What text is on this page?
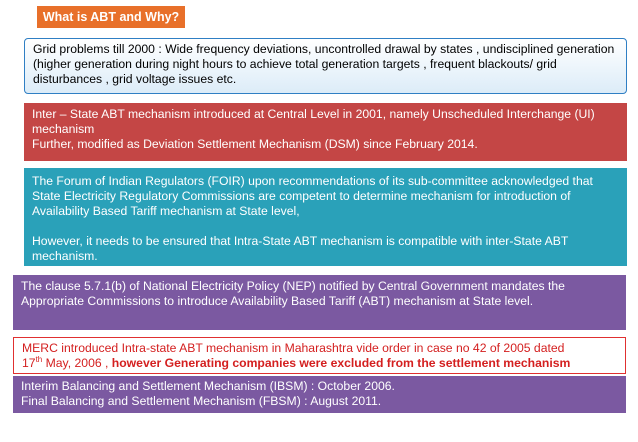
What is ABT and Why?

Grid problems till 2000 : Wide frequency deviations, uncontrolled drawal by states , undisciplined generation (higher generation during night hours to achieve total generation targets , frequent blackouts/ grid disturbances , grid voltage issues etc.

Inter – State ABT mechanism introduced at Central Level in 2001, namely Unscheduled Interchange (UI) mechanism

Further, modified as Deviation Settlement Mechanism (DSM) since February 2014.

The Forum of Indian Regulators (FOIR) upon recommendations of its sub-committee acknowledged that State Electricity Regulatory Commissions are competent to determine mechanism for introduction of Availability Based Tariff mechanism at State level,

However, it needs to be ensured that Intra-State ABT mechanism is compatible with inter-State ABT mechanism.

The clause 5.7.1(b) of National Electricity Policy (NEP) notified by Central Government mandates the Appropriate Commissions to introduce Availability Based Tariff (ABT) mechanism at State level.

MERC introduced Intra-state ABT mechanism in Maharashtra vide order in case no 42 of 2005 dated

17th May, 2006 , however Generating companies were excluded from the settlement mechanism

Interim Balancing and Settlement Mechanism (IBSM) : October 2006.

Final Balancing and Settlement Mechanism (FBSM) : August 2011.
